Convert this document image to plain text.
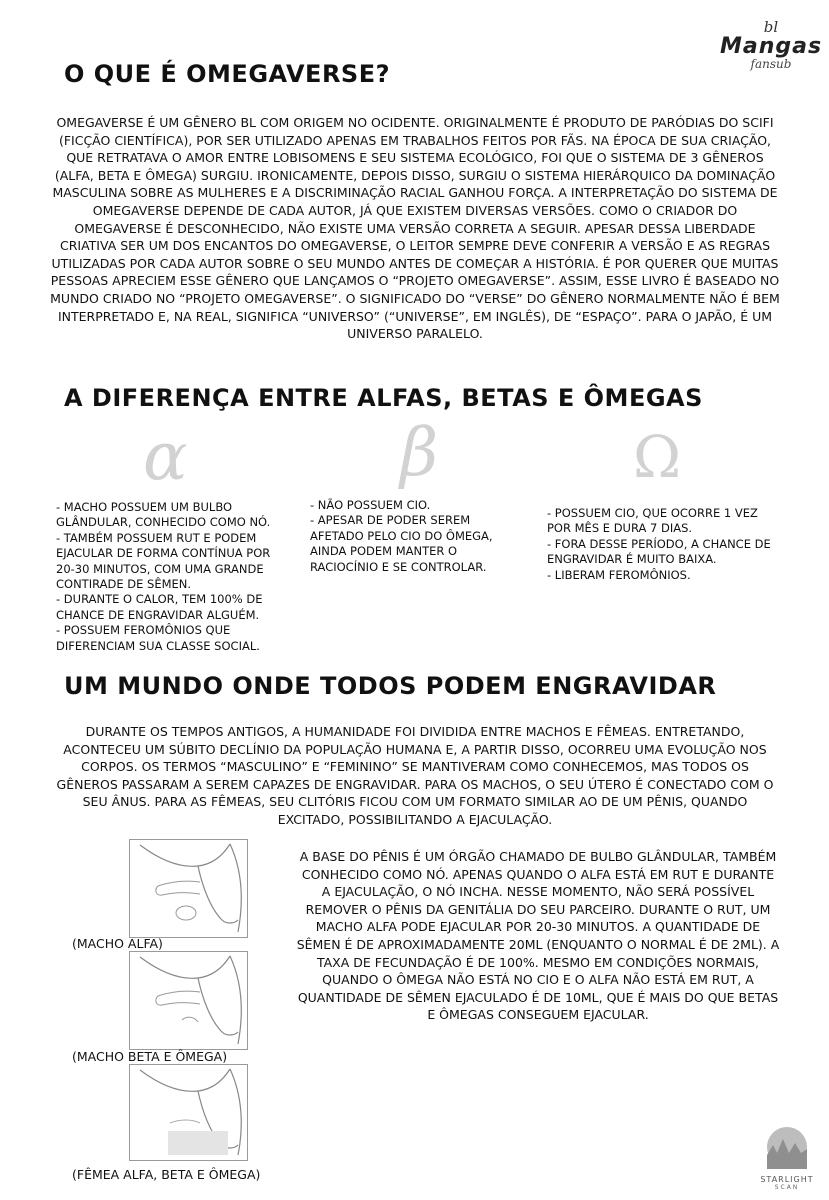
bl
Mangas
fansub
O QUE É OMEGAVERSE?

OMEGAVERSE É UM GÊNERO BL COM ORIGEM NO OCIDENTE. ORIGINALMENTE É PRODUTO DE PARÓDIAS DO SCIFI (FICÇÃO CIENTÍFICA), POR SER UTILIZADO APENAS EM TRABALHOS FEITOS POR FÃS. NA ÉPOCA DE SUA CRIAÇÃO, QUE RETRATAVA O AMOR ENTRE LOBISOMENS E SEU SISTEMA ECOLÓGICO, FOI QUE O SISTEMA DE 3 GÊNEROS (ALFA, BETA E ÔMEGA) SURGIU. IRONICAMENTE, DEPOIS DISSO, SURGIU O SISTEMA HIERÁRQUICO DA DOMINAÇÃO MASCULINA SOBRE AS MULHERES E A DISCRIMINAÇÃO RACIAL GANHOU FORÇA. A INTERPRETAÇÃO DO SISTEMA DE OMEGAVERSE DEPENDE DE CADA AUTOR, JÁ QUE EXISTEM DIVERSAS VERSÕES. COMO O CRIADOR DO OMEGAVERSE É DESCONHECIDO, NÃO EXISTE UMA VERSÃO CORRETA A SEGUIR. APESAR DESSA LIBERDADE CRIATIVA SER UM DOS ENCANTOS DO OMEGAVERSE, O LEITOR SEMPRE DEVE CONFERIR A VERSÃO E AS REGRAS UTILIZADAS POR CADA AUTOR SOBRE O SEU MUNDO ANTES DE COMEÇAR A HISTÓRIA. É POR QUERER QUE MUITAS PESSOAS APRECIEM ESSE GÊNERO QUE LANÇAMOS O “PROJETO OMEGAVERSE”. ASSIM, ESSE LIVRO É BASEADO NO MUNDO CRIADO NO “PROJETO OMEGAVERSE”. O SIGNIFICADO DO “VERSE” DO GÊNERO NORMALMENTE NÃO É BEM INTERPRETADO E, NA REAL, SIGNIFICA “UNIVERSO” (“UNIVERSE”, EM INGLÊS), DE “ESPAÇO”. PARA O JAPÃO, É UM UNIVERSO PARALELO.

A DIFERENÇA ENTRE ALFAS, BETAS E ÔMEGAS
α	β	Ω

- MACHO POSSUEM UM BULBO
GLÂNDULAR, CONHECIDO COMO NÓ.
- TAMBÉM POSSUEM RUT E PODEM
EJACULAR DE FORMA CONTÍNUA POR
20-30 MINUTOS, COM UMA GRANDE
CONTIRADE DE SÊMEN.
- DURANTE O CALOR, TEM 100% DE
CHANCE DE ENGRAVIDAR ALGUÉM.
- POSSUEM FEROMÔNIOS QUE
DIFERENCIAM SUA CLASSE SOCIAL.

- NÃO POSSUEM CIO.
- APESAR DE PODER SEREM
AFETADO PELO CIO DO ÔMEGA,
AINDA PODEM MANTER O
RACIOCÍNIO E SE CONTROLAR.

- POSSUEM CIO, QUE OCORRE 1 VEZ
POR MÊS E DURA 7 DIAS.
- FORA DESSE PERÍODO, A CHANCE DE
ENGRAVIDAR É MUITO BAIXA.
- LIBERAM FEROMÔNIOS.

UM MUNDO ONDE TODOS PODEM ENGRAVIDAR

DURANTE OS TEMPOS ANTIGOS, A HUMANIDADE FOI DIVIDIDA ENTRE MACHOS E FÊMEAS. ENTRETANDO, ACONTECEU UM SÚBITO DECLÍNIO DA POPULAÇÃO HUMANA E, A PARTIR DISSO, OCORREU UMA EVOLUÇÃO NOS CORPOS. OS TERMOS “MASCULINO” E “FEMININO” SE MANTIVERAM COMO CONHECEMOS, MAS TODOS OS GÊNEROS PASSARAM A SEREM CAPAZES DE ENGRAVIDAR. PARA OS MACHOS, O SEU ÚTERO É CONECTADO COM O SEU ÂNUS. PARA AS FÊMEAS, SEU CLITÓRIS FICOU COM UM FORMATO SIMILAR AO DE UM PÊNIS, QUANDO EXCITADO, POSSIBILITANDO A EJACULAÇÃO.

A BASE DO PÊNIS É UM ÓRGÃO CHAMADO DE BULBO GLÂNDULAR, TAMBÉM CONHECIDO COMO NÓ. APENAS QUANDO O ALFA ESTÁ EM RUT E DURANTE A EJACULAÇÃO, O NÓ INCHA. NESSE MOMENTO, NÃO SERÁ POSSÍVEL REMOVER O PÊNIS DA GENITÁLIA DO SEU PARCEIRO. DURANTE O RUT, UM MACHO ALFA PODE EJACULAR POR 20-30 MINUTOS. A QUANTIDADE DE SÊMEN É DE APROXIMADAMENTE 20ML (ENQUANTO O NORMAL É DE 2ML). A TAXA DE FECUNDAÇÃO É DE 100%. MESMO EM CONDIÇÕES NORMAIS, QUANDO O ÔMEGA NÃO ESTÁ NO CIO E O ALFA NÃO ESTÁ EM RUT, A QUANTIDADE DE SÊMEN EJACULADO É DE 10ML, QUE É MAIS DO QUE BETAS E ÔMEGAS CONSEGUEM EJACULAR.

(MACHO ALFA)

(MACHO BETA E ÔMEGA)

(FÊMEA ALFA, BETA E ÔMEGA)	STARLIGHT
SCAN
